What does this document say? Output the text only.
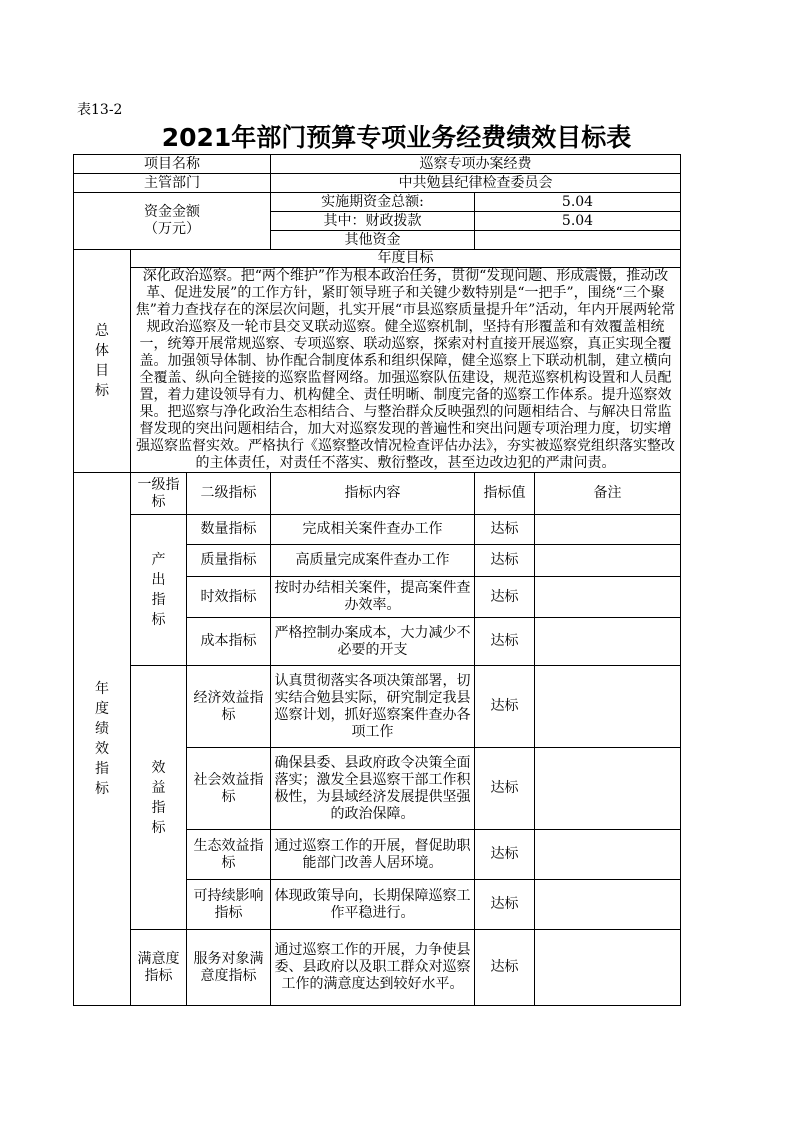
表13-2
2021年部门预算专项业务经费绩效目标表
项目名称			巡察专项办案经费		
主管部门			中共勉县纪律检查委员会		
资金金额
（万元）			实施期资金总额:	5.04	
			其中：财政拨款	5.04	
			其他资金		
总体目标	年度目标				
	深化政治巡察。把“两个维护”作为根本政治任务，贯彻“发现问题、形成震慑，推动改革、促进发展”的工作方针，紧盯领导班子和关键少数特别是“一把手”，围绕“三个聚焦”着力查找存在的深层次问题，扎实开展“市县巡察质量提升年”活动，年内开展两轮常规政治巡察及一轮市县交叉联动巡察。健全巡察机制，坚持有形覆盖和有效覆盖相统一，统筹开展常规巡察、专项巡察、联动巡察，探索对村直接开展巡察，真正实现全覆盖。加强领导体制、协作配合制度体系和组织保障，健全巡察上下联动机制，建立横向全覆盖、纵向全链接的巡察监督网络。加强巡察队伍建设，规范巡察机构设置和人员配置，着力建设领导有力、机构健全、责任明晰、制度完备的巡察工作体系。提升巡察效果。把巡察与净化政治生态相结合、与整治群众反映强烈的问题相结合、与解决日常监督发现的突出问题相结合，加大对巡察发现的普遍性和突出问题专项治理力度，切实增强巡察监督实效。严格执行《巡察整改情况检查评估办法》，夯实被巡察党组织落实整改的主体责任，对责任不落实、敷衍整改，甚至边改边犯的严肃问责。				
年度绩效指标	一级指标	二级指标	指标内容	指标值	备注
	产出指标	数量指标	完成相关案件查办工作	达标	
		质量指标	高质量完成案件查办工作	达标	
		时效指标	按时办结相关案件，提高案件查办效率。	达标	
		成本指标	严格控制办案成本，大力减少不必要的开支	达标	
	效益指标	经济效益指标	认真贯彻落实各项决策部署，切实结合勉县实际，研究制定我县巡察计划，抓好巡察案件查办各项工作	达标	
		社会效益指标	确保县委、县政府政令决策全面落实；激发全县巡察干部工作积极性，为县域经济发展提供坚强的政治保障。	达标	
		生态效益指标	通过巡察工作的开展，督促助职能部门改善人居环境。	达标	
		可持续影响指标	体现政策导向，长期保障巡察工作平稳进行。	达标	
	满意度指标	服务对象满意度指标	通过巡察工作的开展，力争使县委、县政府以及职工群众对巡察工作的满意度达到较好水平。	达标	
